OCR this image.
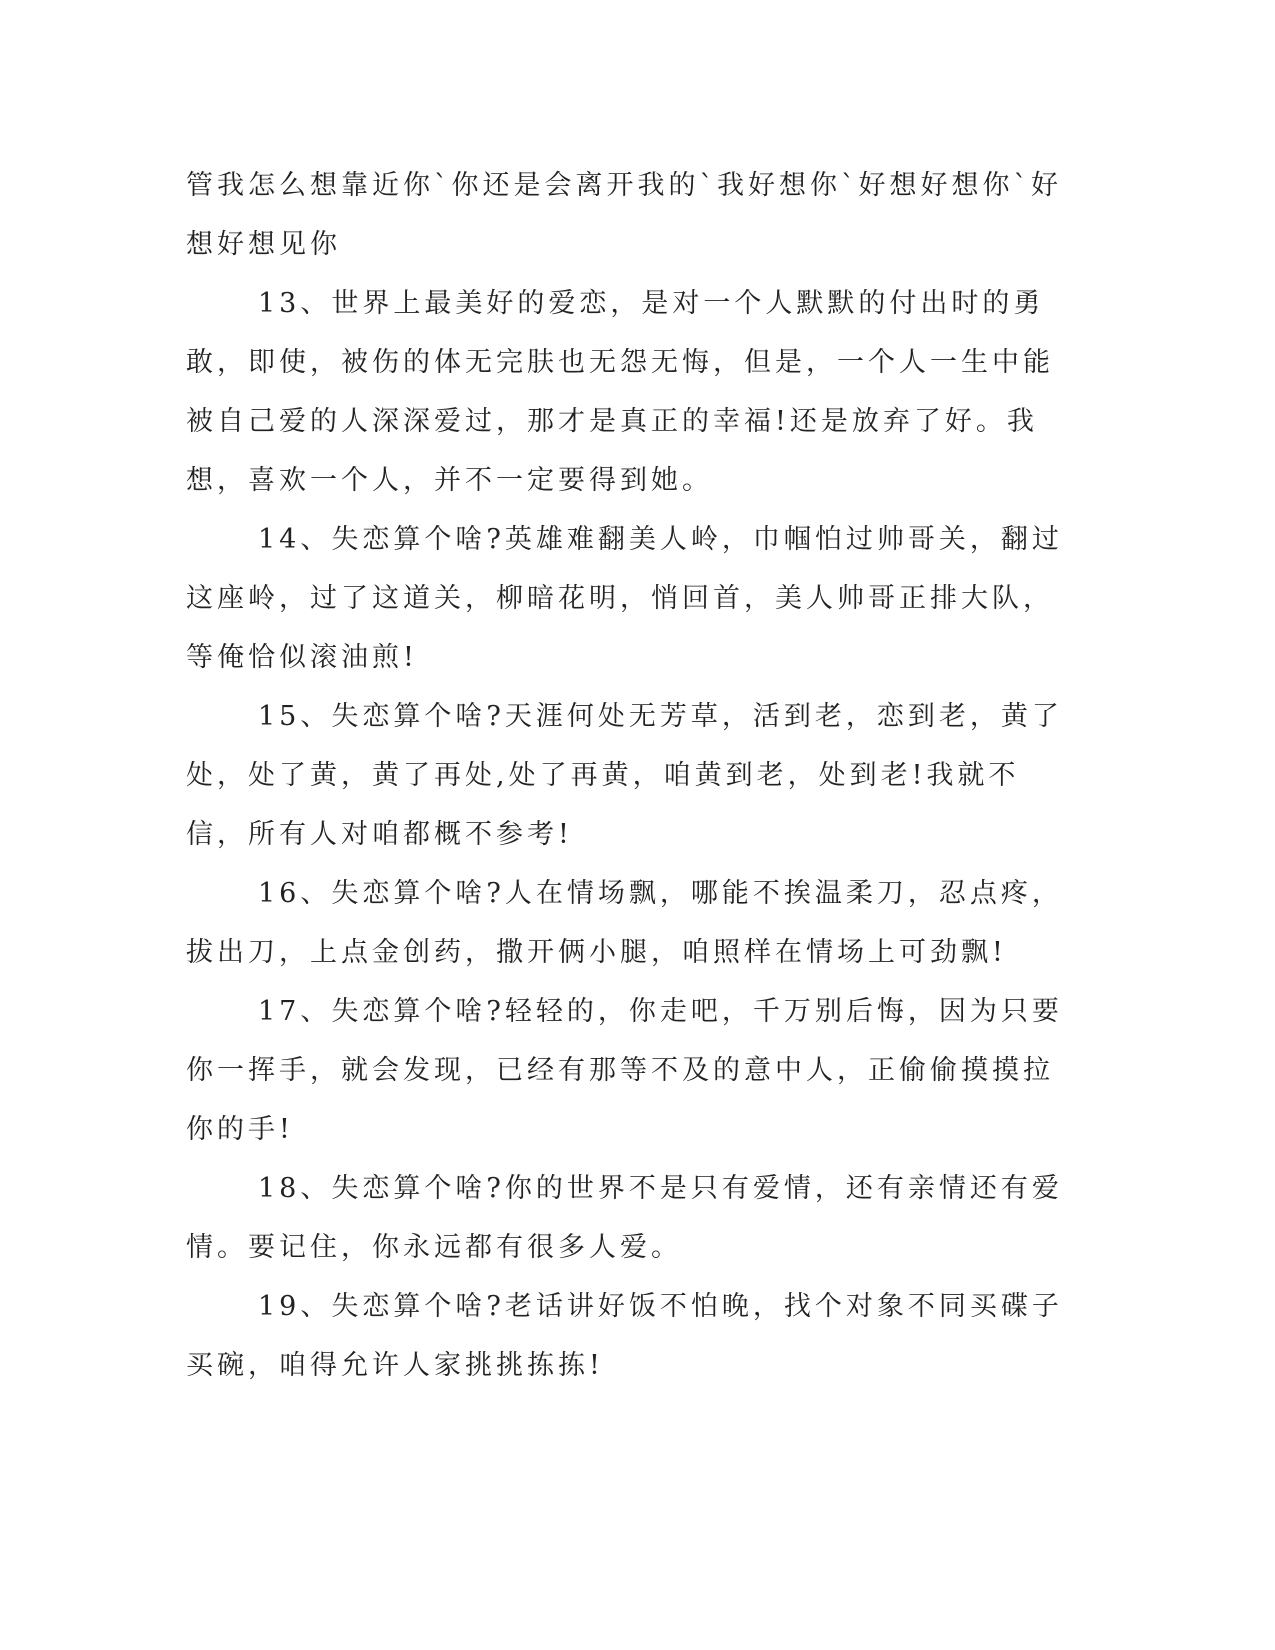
管我怎么想靠近你`你还是会离开我的`我好想你`好想好想你`好想好想见你

13、世界上最美好的爱恋，是对一个人默默的付出时的勇敢，即使，被伤的体无完肤也无怨无悔，但是，一个人一生中能被自己爱的人深深爱过，那才是真正的幸福!还是放弃了好。我想，喜欢一个人，并不一定要得到她。

14、失恋算个啥?英雄难翻美人岭，巾帼怕过帅哥关，翻过这座岭，过了这道关，柳暗花明，悄回首，美人帅哥正排大队，等俺恰似滚油煎!

15、失恋算个啥?天涯何处无芳草，活到老，恋到老，黄了处，处了黄，黄了再处,处了再黄，咱黄到老，处到老!我就不信，所有人对咱都概不参考!

16、失恋算个啥?人在情场飘，哪能不挨温柔刀，忍点疼，拔出刀，上点金创药，撒开俩小腿，咱照样在情场上可劲飘!

17、失恋算个啥?轻轻的，你走吧，千万别后悔，因为只要你一挥手，就会发现，已经有那等不及的意中人，正偷偷摸摸拉你的手!

18、失恋算个啥?你的世界不是只有爱情，还有亲情还有爱情。要记住，你永远都有很多人爱。

19、失恋算个啥?老话讲好饭不怕晚，找个对象不同买碟子买碗，咱得允许人家挑挑拣拣!
